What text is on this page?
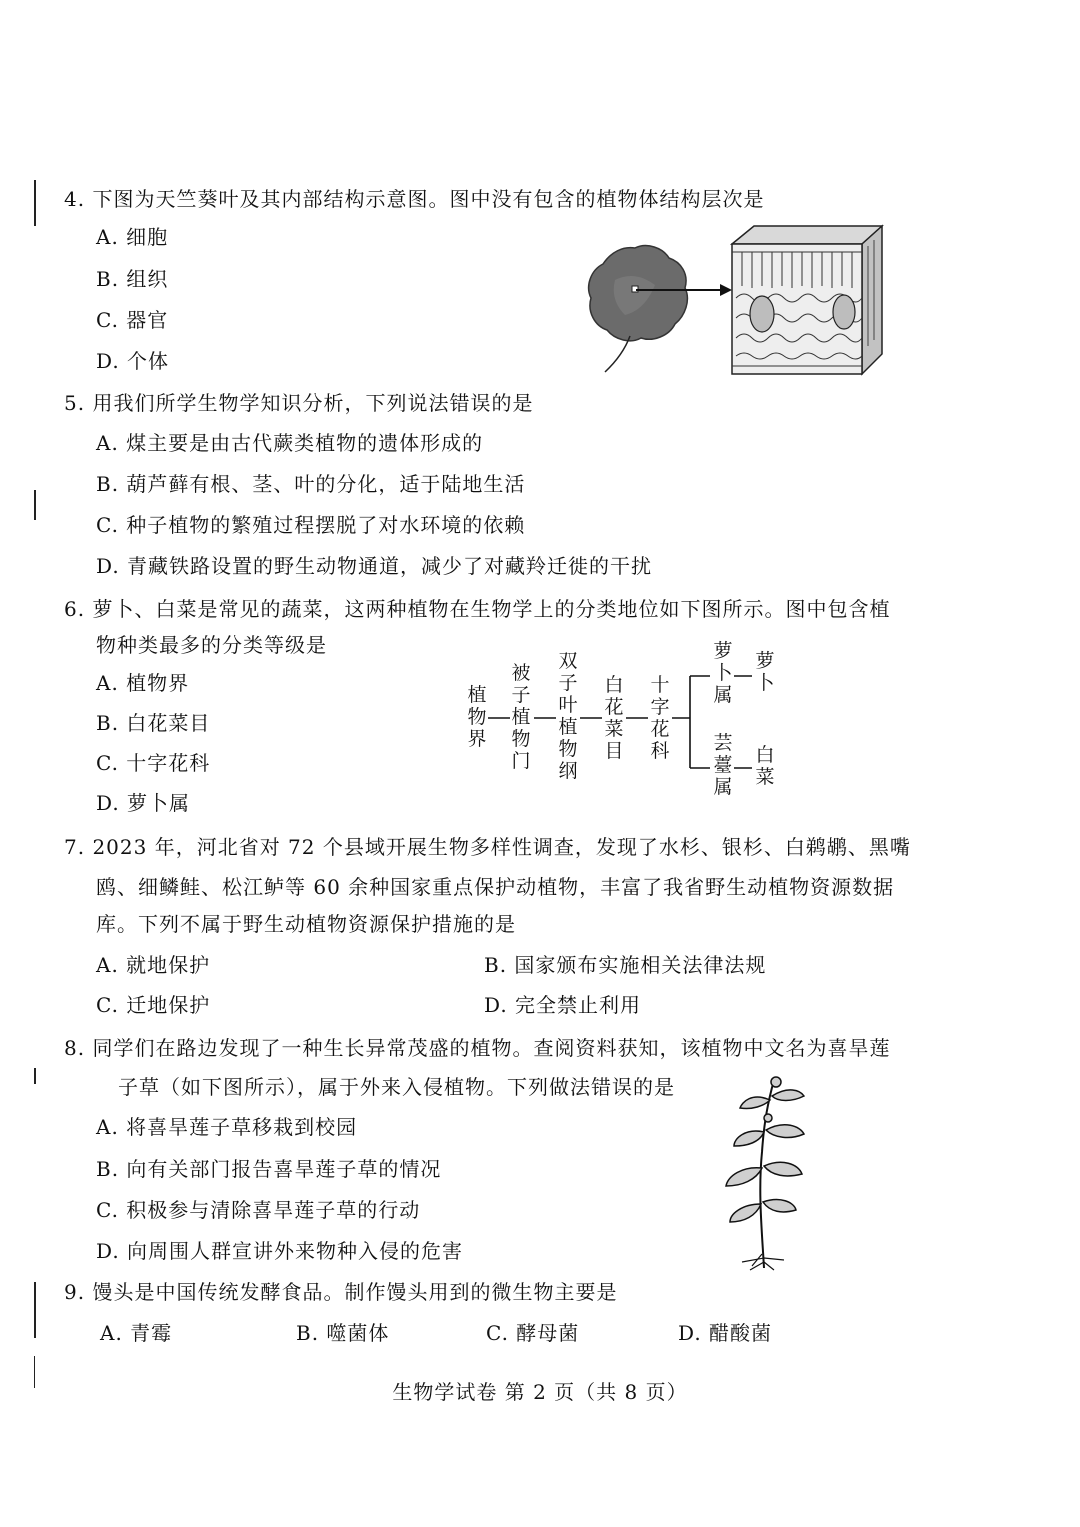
4. 下图为天竺葵叶及其内部结构示意图。图中没有包含的植物体结构层次是
A. 细胞
B. 组织
C. 器官
D. 个体
5. 用我们所学生物学知识分析，下列说法错误的是
A. 煤主要是由古代蕨类植物的遗体形成的
B. 葫芦藓有根、茎、叶的分化，适于陆地生活
C. 种子植物的繁殖过程摆脱了对水环境的依赖
D. 青藏铁路设置的野生动物通道，减少了对藏羚迁徙的干扰
6. 萝卜、白菜是常见的蔬菜，这两种植物在生物学上的分类地位如下图所示。图中包含植
物种类最多的分类等级是
A. 植物界
B. 白花菜目
C. 十字花科
D. 萝卜属
植物界
被子植物门
双子叶植物纲
白花菜目
十字花科
萝卜属
萝卜
芸薹属
白菜
7. 2023 年，河北省对 72 个县域开展生物多样性调查，发现了水杉、银杉、白鹈鹕、黑嘴
鸥、细鳞鲑、松江鲈等 60 余种国家重点保护动植物，丰富了我省野生动植物资源数据
库。下列不属于野生动植物资源保护措施的是
A. 就地保护	B. 国家颁布实施相关法律法规
C. 迁地保护	D. 完全禁止利用
8. 同学们在路边发现了一种生长异常茂盛的植物。查阅资料获知，该植物中文名为喜旱莲
子草（如下图所示），属于外来入侵植物。下列做法错误的是
A. 将喜旱莲子草移栽到校园
B. 向有关部门报告喜旱莲子草的情况
C. 积极参与清除喜旱莲子草的行动
D. 向周围人群宣讲外来物种入侵的危害
9. 馒头是中国传统发酵食品。制作馒头用到的微生物主要是
A. 青霉	B. 噬菌体	C. 酵母菌	D. 醋酸菌
生物学试卷 第 2 页（共 8 页）
